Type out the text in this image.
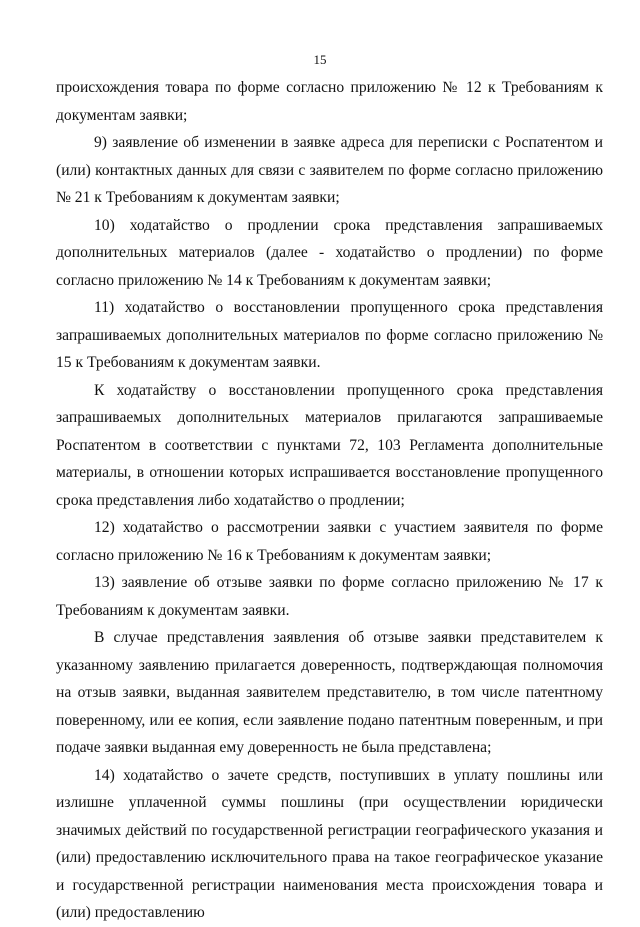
15

происхождения товара по форме согласно приложению № 12 к Требованиям к документам заявки;

9) заявление об изменении в заявке адреса для переписки с Роспатентом и (или) контактных данных для связи с заявителем по форме согласно приложению № 21 к Требованиям к документам заявки;

10) ходатайство о продлении срока представления запрашиваемых дополнительных материалов (далее - ходатайство о продлении) по форме согласно приложению № 14 к Требованиям к документам заявки;

11) ходатайство о восстановлении пропущенного срока представления запрашиваемых дополнительных материалов по форме согласно приложению № 15 к Требованиям к документам заявки.

К ходатайству о восстановлении пропущенного срока представления запрашиваемых дополнительных материалов прилагаются запрашиваемые Роспатентом в соответствии с пунктами 72, 103 Регламента дополнительные материалы, в отношении которых испрашивается восстановление пропущенного срока представления либо ходатайство о продлении;

12) ходатайство о рассмотрении заявки с участием заявителя по форме согласно приложению № 16 к Требованиям к документам заявки;

13) заявление об отзыве заявки по форме согласно приложению № 17 к Требованиям к документам заявки.

В случае представления заявления об отзыве заявки представителем к указанному заявлению прилагается доверенность, подтверждающая полномочия на отзыв заявки, выданная заявителем представителю, в том числе патентному поверенному, или ее копия, если заявление подано патентным поверенным, и при подаче заявки выданная ему доверенность не была представлена;

14) ходатайство о зачете средств, поступивших в уплату пошлины или излишне уплаченной суммы пошлины (при осуществлении юридически значимых действий по государственной регистрации географического указания и (или) предоставлению исключительного права на такое географическое указание и государственной регистрации наименования места происхождения товара и (или) предоставлению
